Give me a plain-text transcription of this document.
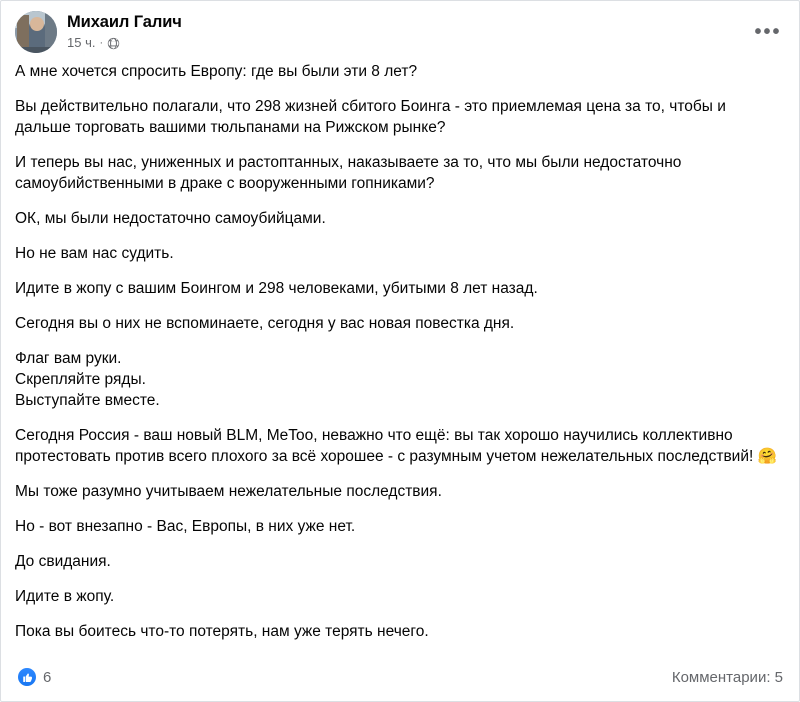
Михаил Галич
15 ч. ·	•••

А мне хочется спросить Европу: где вы были эти 8 лет?

Вы действительно полагали, что 298 жизней сбитого Боинга - это приемлемая цена за то, чтобы и дальше торговать вашими тюльпанами на Рижском рынке?

И теперь вы нас, униженных и растоптанных, наказываете за то, что мы были недостаточно самоубийственными в драке с вооруженными гопниками?

ОК, мы были недостаточно самоубийцами.

Но не вам нас судить.

Идите в жопу с вашим Боингом и 298 человеками, убитыми 8 лет назад.

Сегодня вы о них не вспоминаете, сегодня у вас новая повестка дня.

Флаг вам руки.

Скрепляйте ряды.

Выступайте вместе.

Сегодня Россия - ваш новый BLM, MeToo, неважно что ещё: вы так хорошо научились коллективно протестовать против всего плохого за всё хорошее - с разумным учетом нежелательных последствий! 🤗

Мы тоже разумно учитываем нежелательные последствия.

Но - вот внезапно - Вас, Европы, в них уже нет.

До свидания.

Идите в жопу.

Пока вы боитесь что-то потерять, нам уже терять нечего.

6	Комментарии: 5
